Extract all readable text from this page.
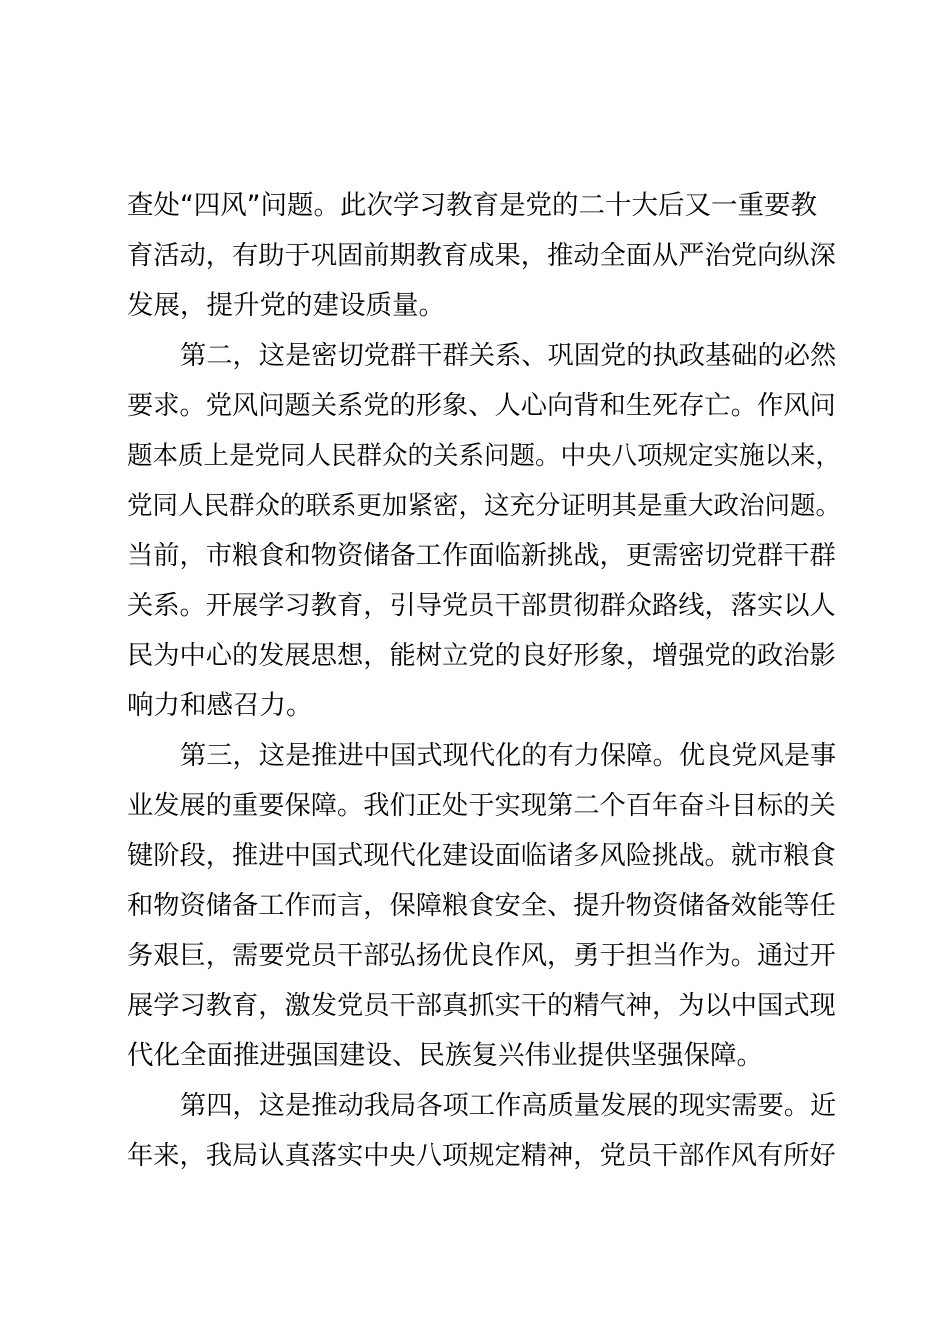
查处“四风”问题。此次学习教育是党的二十大后又一重要教
育活动，有助于巩固前期教育成果，推动全面从严治党向纵深
发展，提升党的建设质量。
第二，这是密切党群干群关系、巩固党的执政基础的必然
要求。党风问题关系党的形象、人心向背和生死存亡。作风问
题本质上是党同人民群众的关系问题。中央八项规定实施以来，
党同人民群众的联系更加紧密，这充分证明其是重大政治问题。
当前，市粮食和物资储备工作面临新挑战，更需密切党群干群
关系。开展学习教育，引导党员干部贯彻群众路线，落实以人
民为中心的发展思想，能树立党的良好形象，增强党的政治影
响力和感召力。
第三，这是推进中国式现代化的有力保障。优良党风是事
业发展的重要保障。我们正处于实现第二个百年奋斗目标的关
键阶段，推进中国式现代化建设面临诸多风险挑战。就市粮食
和物资储备工作而言，保障粮食安全、提升物资储备效能等任
务艰巨，需要党员干部弘扬优良作风，勇于担当作为。通过开
展学习教育，激发党员干部真抓实干的精气神，为以中国式现
代化全面推进强国建设、民族复兴伟业提供坚强保障。
第四，这是推动我局各项工作高质量发展的现实需要。近
年来，我局认真落实中央八项规定精神，党员干部作风有所好
